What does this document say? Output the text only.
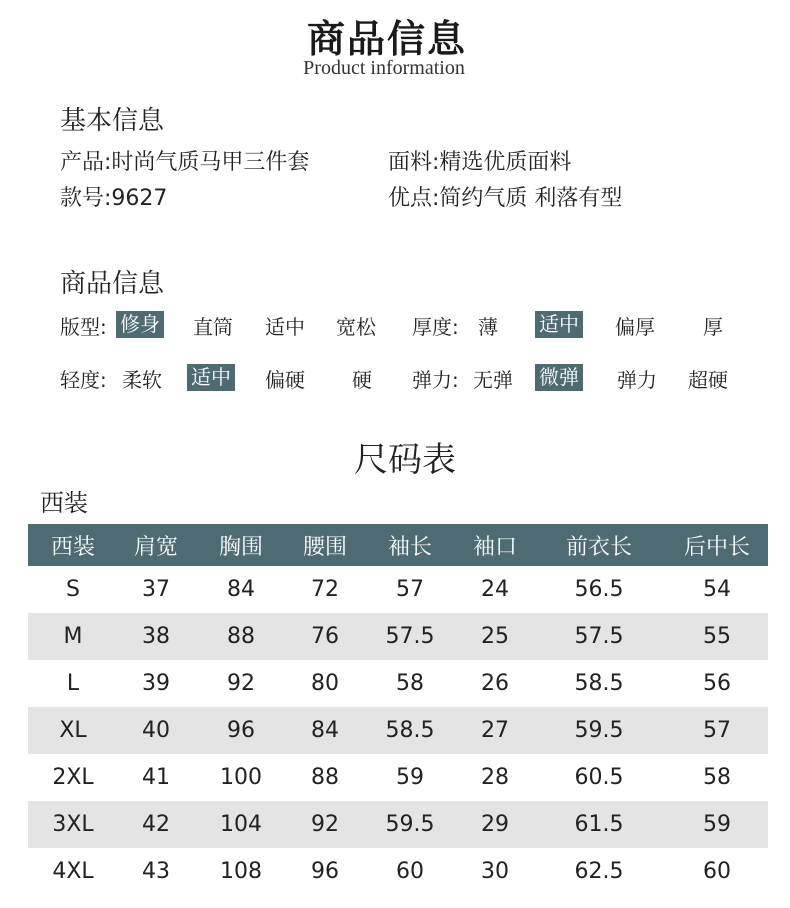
商品信息
Product information
基本信息
产品:时尚气质马甲三件套	面料:精选优质面料
款号:9627	优点:简约气质 利落有型
商品信息
版型: 修身 直筒 适中 宽松 厚度: 薄 适中 偏厚 厚
轻度: 柔软 适中 偏硬 硬 弹力: 无弹 微弹 弹力 超硬
尺码表
西装
西装	肩宽	胸围	腰围	袖长	袖口	前衣长	后中长
S	37	84	72	57	24	56.5	54
M	38	88	76	57.5	25	57.5	55
L	39	92	80	58	26	58.5	56
XL	40	96	84	58.5	27	59.5	57
2XL	41	100	88	59	28	60.5	58
3XL	42	104	92	59.5	29	61.5	59
4XL	43	108	96	60	30	62.5	60
